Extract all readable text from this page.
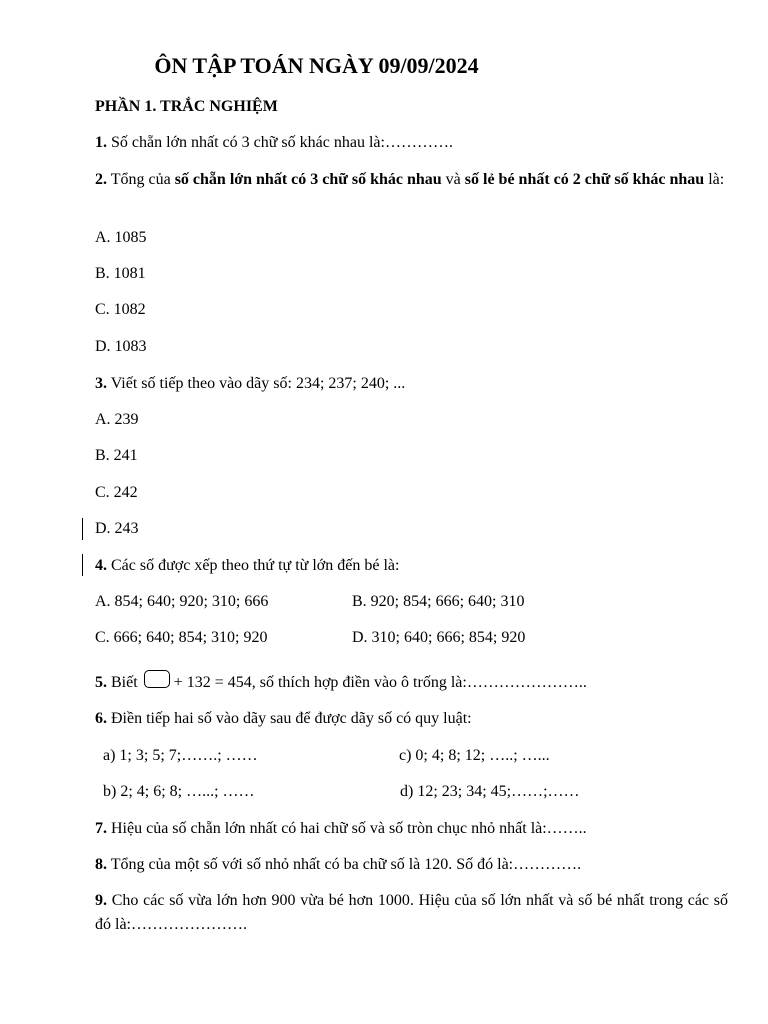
ÔN TẬP TOÁN NGÀY 09/09/2024
PHẦN 1. TRẮC NGHIỆM
1. Số chẵn lớn nhất có 3 chữ số khác nhau là:………….
2. Tổng của số chẵn lớn nhất có 3 chữ số khác nhau và số lẻ bé nhất có 2 chữ số khác nhau là:
A. 1085
B. 1081
C. 1082
D. 1083
3. Viết số tiếp theo vào dãy số: 234; 237; 240; ...
A. 239
B. 241
C. 242
D. 243
4. Các số được xếp theo thứ tự từ lớn đến bé là:
A. 854; 640; 920; 310; 666	B. 920; 854; 666; 640; 310
C. 666; 640; 854; 310; 920	D. 310; 640; 666; 854; 920
5. Biết + 132 = 454, số thích hợp điền vào ô trống là:…………………..
6. Điền tiếp hai số vào dãy sau để được dãy số có quy luật:
a) 1; 3; 5; 7;…….; ……	c) 0; 4; 8; 12; …..; …...
b) 2; 4; 6; 8; …...; ……	d) 12; 23; 34; 45;……;……
7. Hiệu của số chẵn lớn nhất có hai chữ số và số tròn chục nhỏ nhất là:……..
8. Tổng của một số với số nhỏ nhất có ba chữ số là 120. Số đó là:………….
9. Cho các số vừa lớn hơn 900 vừa bé hơn 1000. Hiệu của số lớn nhất và số bé nhất trong các số đó là:………………….
